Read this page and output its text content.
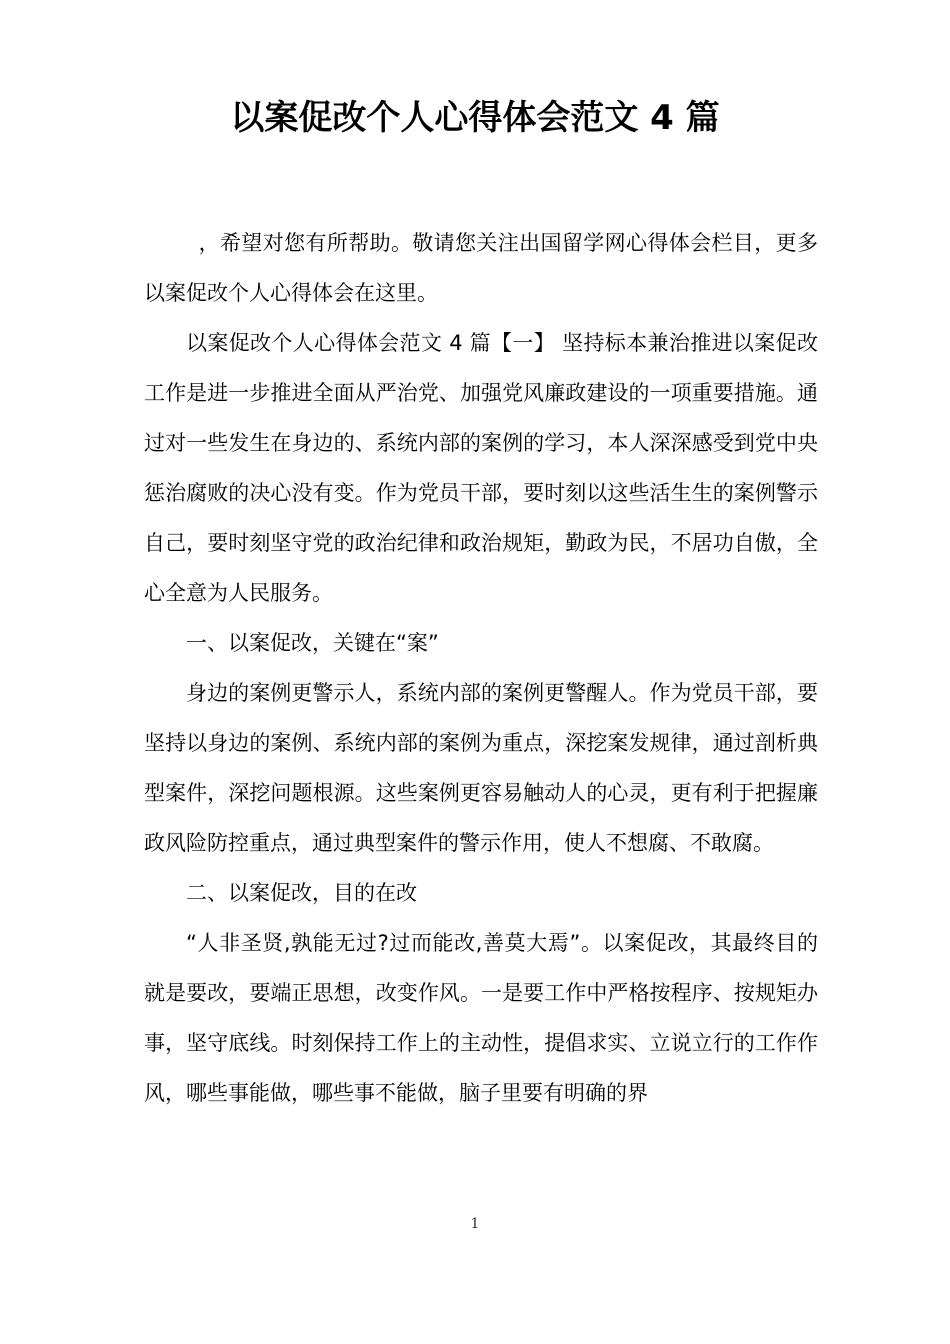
以案促改个人心得体会范文 4 篇

，希望对您有所帮助。敬请您关注出国留学网心得体会栏目，更多以案促改个人心得体会在这里。

以案促改个人心得体会范文 4 篇【一】 坚持标本兼治推进以案促改工作是进一步推进全面从严治党、加强党风廉政建设的一项重要措施。通过对一些发生在身边的、系统内部的案例的学习，本人深深感受到党中央惩治腐败的决心没有变。作为党员干部，要时刻以这些活生生的案例警示自己，要时刻坚守党的政治纪律和政治规矩，勤政为民，不居功自傲，全心全意为人民服务。

一、以案促改，关键在“案”

身边的案例更警示人，系统内部的案例更警醒人。作为党员干部，要坚持以身边的案例、系统内部的案例为重点，深挖案发规律，通过剖析典型案件，深挖问题根源。这些案例更容易触动人的心灵，更有利于把握廉政风险防控重点，通过典型案件的警示作用，使人不想腐、不敢腐。

二、以案促改，目的在改

“人非圣贤,孰能无过?过而能改,善莫大焉”。以案促改，其最终目的就是要改，要端正思想，改变作风。一是要工作中严格按程序、按规矩办事，坚守底线。时刻保持工作上的主动性，提倡求实、立说立行的工作作风，哪些事能做，哪些事不能做，脑子里要有明确的界

1
